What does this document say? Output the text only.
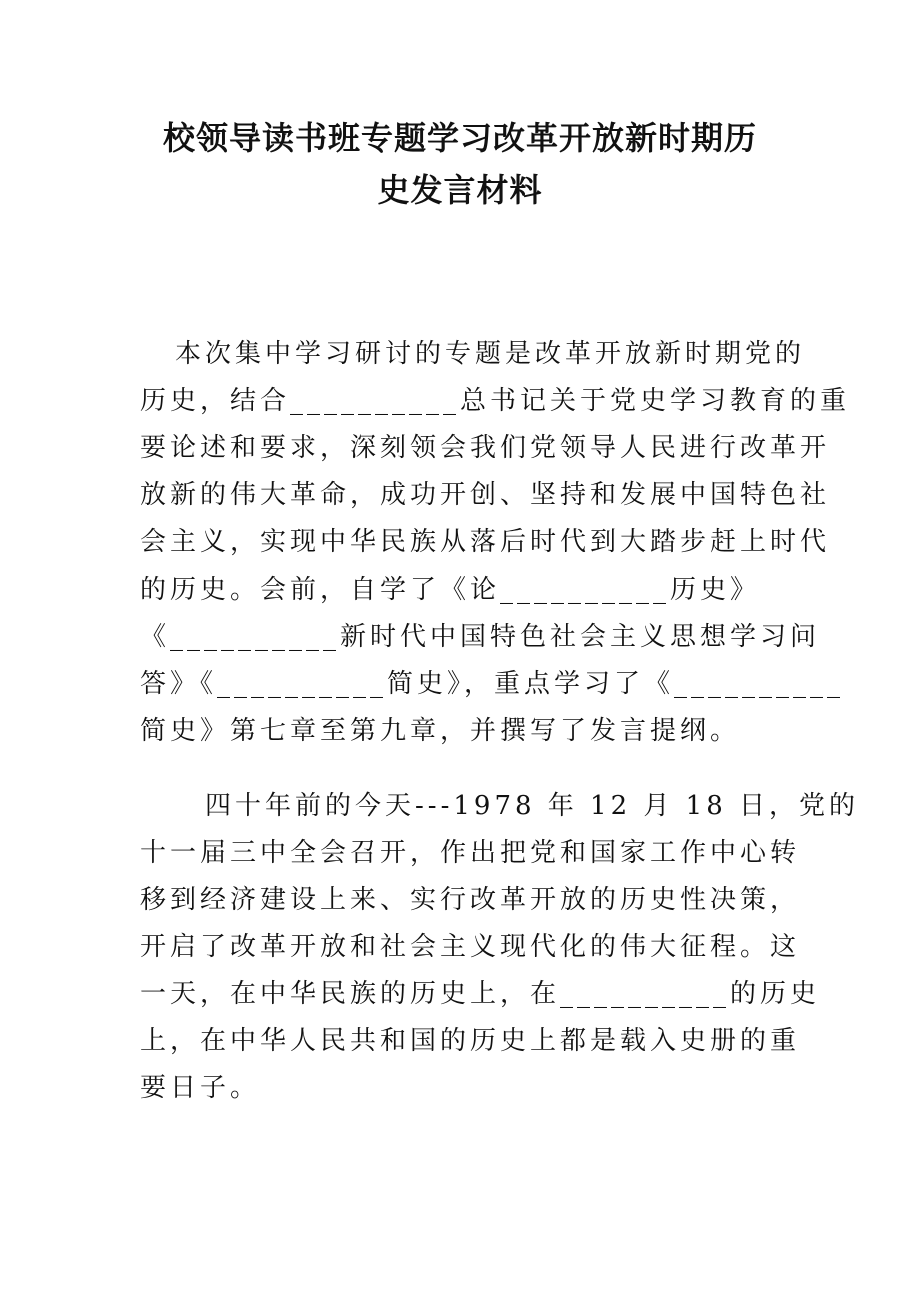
校领导读书班专题学习改革开放新时期历
史发言材料
本次集中学习研讨的专题是改革开放新时期党的
历史，结合__________总书记关于党史学习教育的重
要论述和要求，深刻领会我们党领导人民进行改革开
放新的伟大革命，成功开创、坚持和发展中国特色社
会主义，实现中华民族从落后时代到大踏步赶上时代
的历史。会前，自学了《论__________历史》
《__________新时代中国特色社会主义思想学习问
答》《__________简史》，重点学习了《__________
简史》第七章至第九章，并撰写了发言提纲。
四十年前的今天---1978 年 12 月 18 日，党的
十一届三中全会召开，作出把党和国家工作中心转
移到经济建设上来、实行改革开放的历史性决策，
开启了改革开放和社会主义现代化的伟大征程。这
一天，在中华民族的历史上，在__________的历史
上，在中华人民共和国的历史上都是载入史册的重
要日子。
